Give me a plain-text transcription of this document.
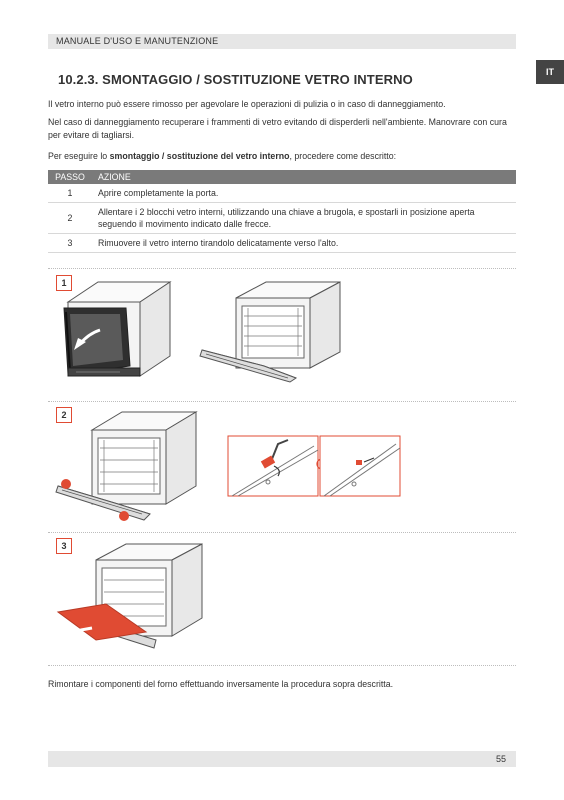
MANUALE D'USO E MANUTENZIONE
IT
10.2.3. SMONTAGGIO / SOSTITUZIONE VETRO INTERNO

Il vetro interno può essere rimosso per agevolare le operazioni di pulizia o in caso di danneggiamento.

Nel caso di danneggiamento recuperare i frammenti di vetro evitando di disperderli nell'ambiente. Manovrare con cura per evitare di tagliarsi.

Per eseguire lo smontaggio / sostituzione del vetro interno, procedere come descritto:

PASSO	AZIONE
1	Aprire completamente la porta.
2	Allentare i 2 blocchi vetro interni, utilizzando una chiave a brugola, e spostarli in posizione aperta seguendo il movimento indicato dalle frecce.
3	Rimuovere il vetro interno tirandolo delicatamente verso l'alto.
1
2
3

Rimontare i componenti del forno effettuando inversamente la procedura sopra descritta.

55
